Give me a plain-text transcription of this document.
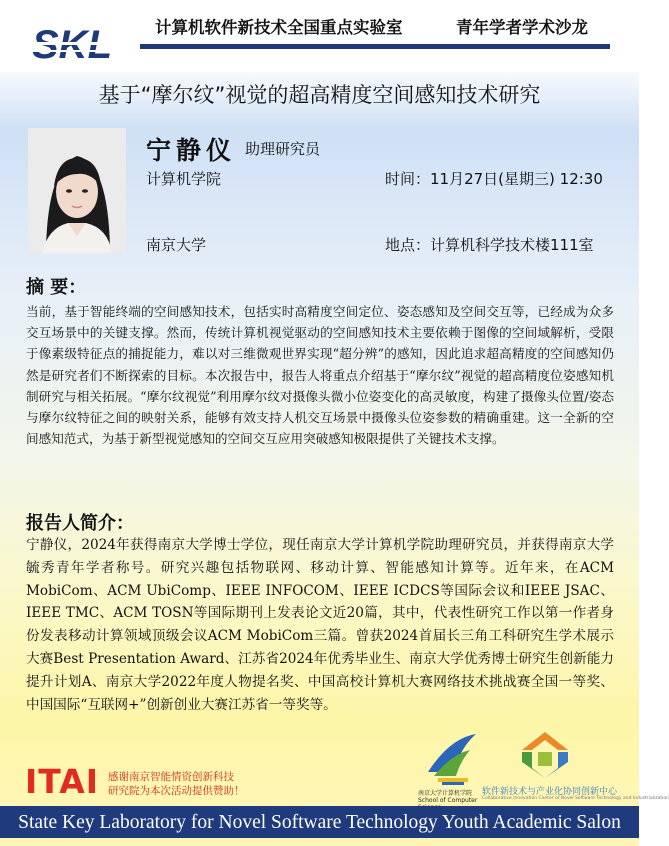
计算机软件新技术全国重点实验室	青年学者学术沙龙
基于“摩尔纹”视觉的超高精度空间感知技术研究
宁静仪 助理研究员
计算机学院	时间：11月27日(星期三) 12:30
南京大学	地点：计算机科学技术楼111室
摘 要：
当前，基于智能终端的空间感知技术，包括实时高精度空间定位、姿态感知及空间交互等，已经成为众多交互场景中的关键支撑。然而，传统计算机视觉驱动的空间感知技术主要依赖于图像的空间域解析，受限于像素级特征点的捕捉能力，难以对三维微观世界实现“超分辨”的感知，因此追求超高精度的空间感知仍然是研究者们不断探索的目标。本次报告中，报告人将重点介绍基于“摩尔纹”视觉的超高精度位姿感知机制研究与相关拓展。“摩尔纹视觉”利用摩尔纹对摄像头微小位姿变化的高灵敏度，构建了摄像头位置/姿态与摩尔纹特征之间的映射关系，能够有效支持人机交互场景中摄像头位姿参数的精确重建。这一全新的空间感知范式，为基于新型视觉感知的空间交互应用突破感知极限提供了关键技术支撑。
报告人简介：
宁静仪，2024年获得南京大学博士学位，现任南京大学计算机学院助理研究员，并获得南京大学毓秀青年学者称号。研究兴趣包括物联网、移动计算、智能感知计算等。近年来，在ACM MobiCom、ACM UbiComp、IEEE INFOCOM、IEEE ICDCS等国际会议和IEEE JSAC、IEEE TMC、ACM TOSN等国际期刊上发表论文近20篇，其中，代表性研究工作以第一作者身份发表移动计算领域顶级会议ACM MobiCom三篇。曾获2024首届长三角工科研究生学术展示大赛Best Presentation Award、江苏省2024年优秀毕业生、南京大学优秀博士研究生创新能力提升计划A、南京大学2022年度人物提名奖、中国高校计算机大赛网络技术挑战赛全国一等奖、中国国际“互联网+”创新创业大赛江苏省一等奖等。
ITAI 感谢南京智能情资创新科技
研究院为本次活动提供赞助！	南京大学计算机学院
School of Computer
软件新技术与产业化协同创新中心
Collaborative Innovation Center of Novel Software Technology and Industrialization
State Key Laboratory for Novel Software Technology Youth Academic Salon
